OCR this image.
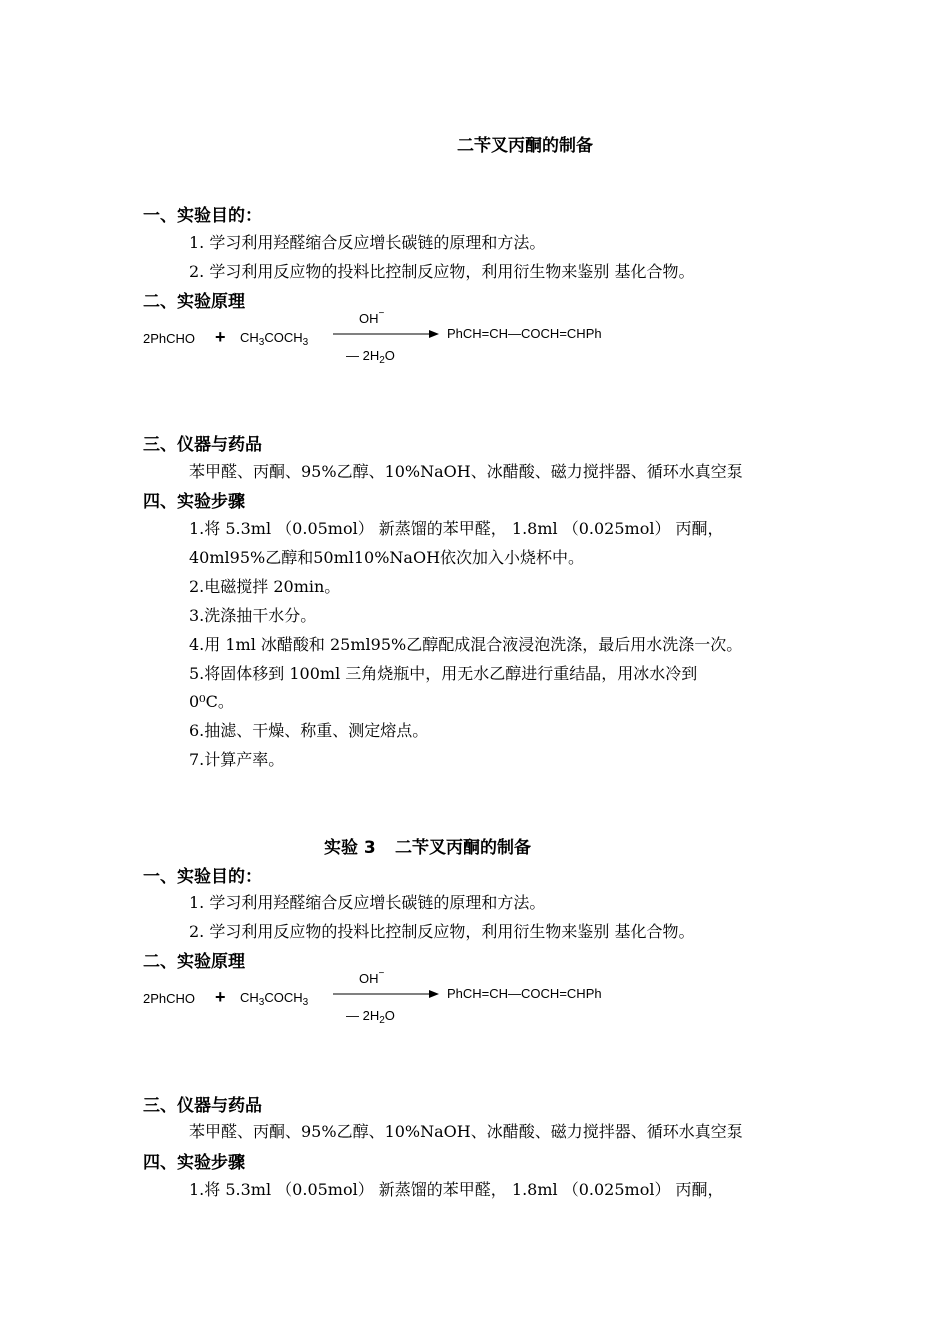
二苄叉丙酮的制备
一、实验目的：
1. 学习利用羟醛缩合反应增长碳链的原理和方法。
2. 学习利用反应物的投料比控制反应物，利用衍生物来鉴别 基化合物。
二、实验原理
2PhCHO + $CH_3COCH_3$
OH−
— $2H_2O$
PhCH=CH—COCH=CHPh
三、仪器与药品
苯甲醛、丙酮、95%乙醇、10%NaOH、冰醋酸、磁力搅拌器、循环水真空泵
四、实验步骤
1.将 5.3ml （0.05mol） 新蒸馏的苯甲醛， 1.8ml （0.025mol） 丙酮，
40ml95%乙醇和50ml10%NaOH依次加入小烧杯中。
2.电磁搅拌 20min。
3.洗涤抽干水分。
4.用 1ml 冰醋酸和 25ml95%乙醇配成混合液浸泡洗涤，最后用水洗涤一次。
5.将固体移到 100ml 三角烧瓶中，用无水乙醇进行重结晶，用冰水冷到
0⁰C。
6.抽滤、干燥、称重、测定熔点。
7.计算产率。
实验 3 二苄叉丙酮的制备
一、实验目的：
1. 学习利用羟醛缩合反应增长碳链的原理和方法。
2. 学习利用反应物的投料比控制反应物，利用衍生物来鉴别 基化合物。
二、实验原理
2PhCHO + $CH_3COCH_3$
OH−
— $2H_2O$
PhCH=CH—COCH=CHPh
三、仪器与药品
苯甲醛、丙酮、95%乙醇、10%NaOH、冰醋酸、磁力搅拌器、循环水真空泵
四、实验步骤
1.将 5.3ml （0.05mol） 新蒸馏的苯甲醛， 1.8ml （0.025mol） 丙酮，
